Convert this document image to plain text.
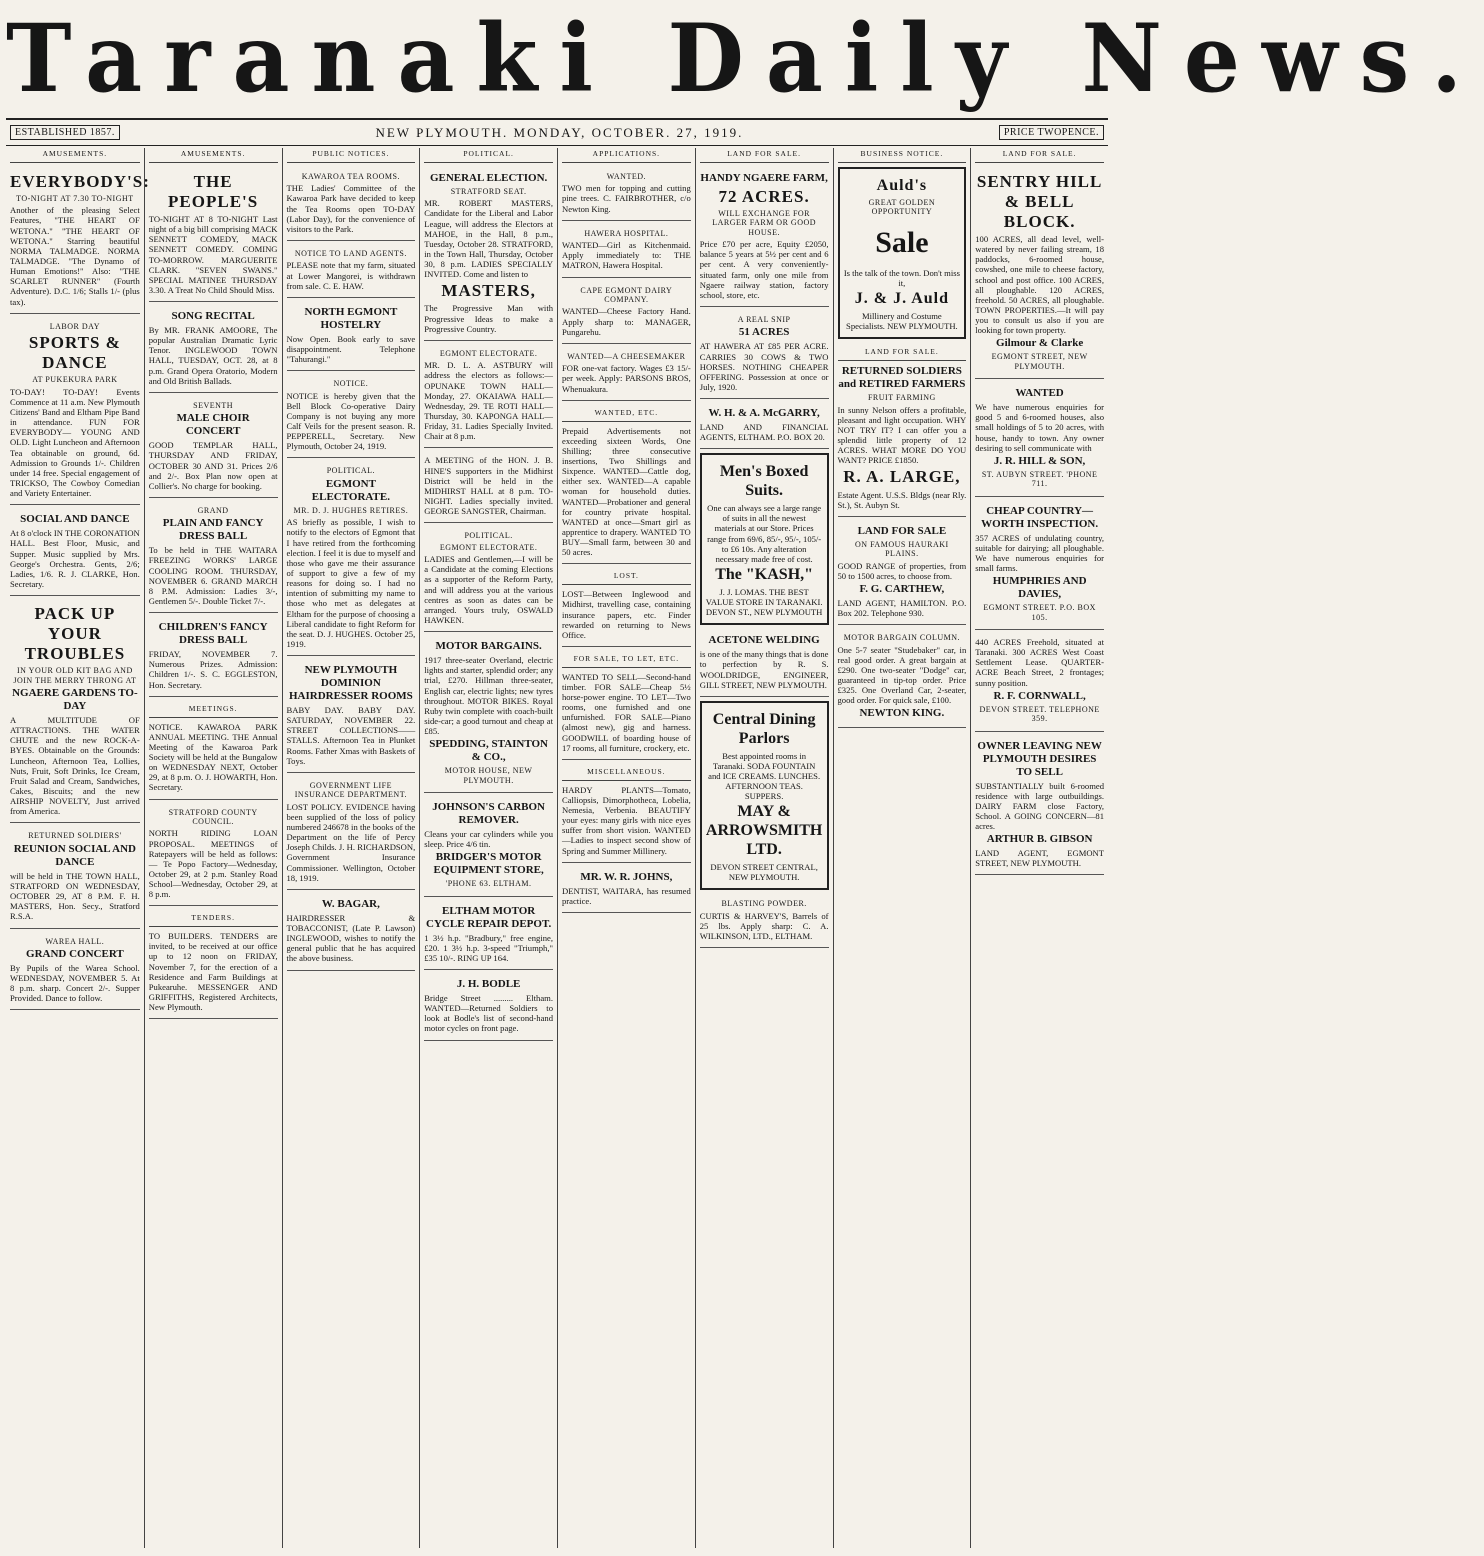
Taranaki Daily News.
ESTABLISHED 1857.	NEW PLYMOUTH. MONDAY, OCTOBER. 27, 1919.	PRICE TWOPENCE.
AMUSEMENTS.
EVERYBODY'S:
TO-NIGHT AT 7.30 TO-NIGHT

Another of the pleasing Select Features, "THE HEART OF WETONA." "THE HEART OF WETONA." Starring beautiful NORMA TALMADGE. NORMA TALMADGE. "The Dynamo of Human Emotions!" Also: "THE SCARLET RUNNER" (Fourth Adventure). D.C. 1/6; Stalls 1/- (plus tax).

LABOR DAY
SPORTS & DANCE
AT PUKEKURA PARK

TO-DAY! TO-DAY! Events Commence at 11 a.m. New Plymouth Citizens' Band and Eltham Pipe Band in attendance. FUN FOR EVERYBODY— YOUNG AND OLD. Light Luncheon and Afternoon Tea obtainable on ground, 6d. Admission to Grounds 1/-. Children under 14 free. Special engagement of TRICKSO, The Cowboy Comedian and Variety Entertainer.

SOCIAL AND DANCE

At 8 o'clock IN THE CORONATION HALL. Best Floor, Music, and Supper. Music supplied by Mrs. George's Orchestra. Gents, 2/6; Ladies, 1/6. R. J. CLARKE, Hon. Secretary.

PACK UP YOUR TROUBLES
IN YOUR OLD KIT BAG AND JOIN THE MERRY THRONG AT
NGAERE GARDENS TO-DAY

A MULTITUDE OF ATTRACTIONS. THE WATER CHUTE and the new ROCK-A-BYES. Obtainable on the Grounds: Luncheon, Afternoon Tea, Lollies, Nuts, Fruit, Soft Drinks, Ice Cream, Fruit Salad and Cream, Sandwiches, Cakes, Biscuits; and the new AIRSHIP NOVELTY, Just arrived from America.

RETURNED SOLDIERS'
REUNION SOCIAL AND DANCE

will be held in THE TOWN HALL, STRATFORD ON WEDNESDAY, OCTOBER 29, AT 8 P.M. F. H. MASTERS, Hon. Secy., Stratford R.S.A.

WAREA HALL.
GRAND CONCERT

By Pupils of the Warea School. WEDNESDAY, NOVEMBER 5. At 8 p.m. sharp. Concert 2/-. Supper Provided. Dance to follow.

AMUSEMENTS.
THE PEOPLE'S

TO-NIGHT AT 8 TO-NIGHT Last night of a big bill comprising MACK SENNETT COMEDY, MACK SENNETT COMEDY. COMING TO-MORROW. MARGUERITE CLARK. "SEVEN SWANS." SPECIAL MATINEE THURSDAY 3.30. A Treat No Child Should Miss.

SONG RECITAL

By MR. FRANK AMOORE, The popular Australian Dramatic Lyric Tenor. INGLEWOOD TOWN HALL, TUESDAY, OCT. 28, at 8 p.m. Grand Opera Oratorio, Modern and Old British Ballads.

SEVENTH
MALE CHOIR CONCERT

GOOD TEMPLAR HALL, THURSDAY AND FRIDAY, OCTOBER 30 AND 31. Prices 2/6 and 2/-. Box Plan now open at Collier's. No charge for booking.

GRAND
PLAIN AND FANCY DRESS BALL

To be held in THE WAITARA FREEZING WORKS' LARGE COOLING ROOM. THURSDAY, NOVEMBER 6. GRAND MARCH 8 P.M. Admission: Ladies 3/-, Gentlemen 5/-. Double Ticket 7/-.

CHILDREN'S FANCY DRESS BALL

FRIDAY, NOVEMBER 7. Numerous Prizes. Admission: Children 1/-. S. C. EGGLESTON, Hon. Secretary.

MEETINGS.

NOTICE. KAWAROA PARK ANNUAL MEETING. THE Annual Meeting of the Kawaroa Park Society will be held at the Bungalow on WEDNESDAY NEXT, October 29, at 8 p.m. O. J. HOWARTH, Hon. Secretary.

STRATFORD COUNTY COUNCIL.

NORTH RIDING LOAN PROPOSAL. MEETINGS of Ratepayers will be held as follows:— Te Popo Factory—Wednesday, October 29, at 2 p.m. Stanley Road School—Wednesday, October 29, at 8 p.m.

TENDERS.

TO BUILDERS. TENDERS are invited, to be received at our office up to 12 noon on FRIDAY, November 7, for the erection of a Residence and Farm Buildings at Pukearuhe. MESSENGER AND GRIFFITHS, Registered Architects, New Plymouth.

PUBLIC NOTICES.
KAWAROA TEA ROOMS.

THE Ladies' Committee of the Kawaroa Park have decided to keep the Tea Rooms open TO-DAY (Labor Day), for the convenience of visitors to the Park.

NOTICE TO LAND AGENTS.

PLEASE note that my farm, situated at Lower Mangorei, is withdrawn from sale. C. E. HAW.

NORTH EGMONT HOSTELRY

Now Open. Book early to save disappointment. Telephone "Tahurangi."

NOTICE.

NOTICE is hereby given that the Bell Block Co-operative Dairy Company is not buying any more Calf Veils for the present season. R. PEPPERELL, Secretary. New Plymouth, October 24, 1919.

POLITICAL.
EGMONT ELECTORATE.
MR. D. J. HUGHES RETIRES.

AS briefly as possible, I wish to notify to the electors of Egmont that I have retired from the forthcoming election. I feel it is due to myself and those who gave me their assurance of support to give a few of my reasons for doing so. I had no intention of submitting my name to those who met as delegates at Eltham for the purpose of choosing a Liberal candidate to fight Reform for the seat. D. J. HUGHES. October 25, 1919.

NEW PLYMOUTH DOMINION HAIRDRESSER ROOMS

BABY DAY. BABY DAY. SATURDAY, NOVEMBER 22. STREET COLLECTIONS——STALLS. Afternoon Tea in Plunket Rooms. Father Xmas with Baskets of Toys.

GOVERNMENT LIFE INSURANCE DEPARTMENT.

LOST POLICY. EVIDENCE having been supplied of the loss of policy numbered 246678 in the books of the Department on the life of Percy Joseph Childs. J. H. RICHARDSON, Government Insurance Commissioner. Wellington, October 18, 1919.

W. BAGAR,

HAIRDRESSER & TOBACCONIST, (Late P. Lawson) INGLEWOOD, wishes to notify the general public that he has acquired the above business.

POLITICAL.
GENERAL ELECTION.
STRATFORD SEAT.

MR. ROBERT MASTERS, Candidate for the Liberal and Labor League, will address the Electors at MAHOE, in the Hall, 8 p.m., Tuesday, October 28. STRATFORD, in the Town Hall, Thursday, October 30, 8 p.m. LADIES SPECIALLY INVITED. Come and listen to

MASTERS,

The Progressive Man with Progressive Ideas to make a Progressive Country.

EGMONT ELECTORATE.

MR. D. L. A. ASTBURY will address the electors as follows:— OPUNAKE TOWN HALL—Monday, 27. OKAIAWA HALL—Wednesday, 29. TE ROTI HALL—Thursday, 30. KAPONGA HALL—Friday, 31. Ladies Specially Invited. Chair at 8 p.m.

A MEETING of the HON. J. B. HINE'S supporters in the Midhirst District will be held in the MIDHIRST HALL at 8 p.m. TO-NIGHT. Ladies specially invited. GEORGE SANGSTER, Chairman.

POLITICAL.
EGMONT ELECTORATE.

LADIES and Gentlemen,—I will be a Candidate at the coming Elections as a supporter of the Reform Party, and will address you at the various centres as soon as dates can be arranged. Yours truly, OSWALD HAWKEN.

MOTOR BARGAINS.

1917 three-seater Overland, electric lights and starter, splendid order; any trial, £270. Hillman three-seater, English car, electric lights; new tyres throughout. MOTOR BIKES. Royal Ruby twin complete with coach-built side-car; a good turnout and cheap at £85.

SPEDDING, STAINTON & CO.,
MOTOR HOUSE, NEW PLYMOUTH.
JOHNSON'S CARBON REMOVER.

Cleans your car cylinders while you sleep. Price 4/6 tin.

BRIDGER'S MOTOR EQUIPMENT STORE,
'PHONE 63. ELTHAM.
ELTHAM MOTOR CYCLE REPAIR DEPOT.

1 3½ h.p. "Bradbury," free engine, £20. 1 3½ h.p. 3-speed "Triumph," £35 10/-. RING UP 164.

J. H. BODLE

Bridge Street ......... Eltham. WANTED—Returned Soldiers to look at Bodle's list of second-hand motor cycles on front page.

APPLICATIONS.
WANTED.

TWO men for topping and cutting pine trees. C. FAIRBROTHER, c/o Newton King.

HAWERA HOSPITAL.

WANTED—Girl as Kitchenmaid. Apply immediately to: THE MATRON, Hawera Hospital.

CAPE EGMONT DAIRY COMPANY.

WANTED—Cheese Factory Hand. Apply sharp to: MANAGER, Pungarehu.

WANTED—A CHEESEMAKER

FOR one-vat factory. Wages £3 15/- per week. Apply: PARSONS BROS, Whenuakura.

WANTED, ETC.

Prepaid Advertisements not exceeding sixteen Words, One Shilling; three consecutive insertions, Two Shillings and Sixpence. WANTED—Cattle dog, either sex. WANTED—A capable woman for household duties. WANTED—Probationer and general for country private hospital. WANTED at once—Smart girl as apprentice to drapery. WANTED TO BUY—Small farm, between 30 and 50 acres.

LOST.

LOST—Between Inglewood and Midhirst, travelling case, containing insurance papers, etc. Finder rewarded on returning to News Office.

FOR SALE, TO LET, ETC.

WANTED TO SELL—Second-hand timber. FOR SALE—Cheap 5½ horse-power engine. TO LET—Two rooms, one furnished and one unfurnished. FOR SALE—Piano (almost new), gig and harness. GOODWILL of boarding house of 17 rooms, all furniture, crockery, etc.

MISCELLANEOUS.

HARDY PLANTS—Tomato, Calliopsis, Dimorphotheca, Lobelia, Nemesia, Verbenia. BEAUTIFY your eyes: many girls with nice eyes suffer from short vision. WANTED—Ladies to inspect second show of Spring and Summer Millinery.

MR. W. R. JOHNS,

DENTIST, WAITARA, has resumed practice.

LAND FOR SALE.
HANDY NGAERE FARM,
72 ACRES.
WILL EXCHANGE FOR LARGER FARM OR GOOD HOUSE.

Price £70 per acre, Equity £2050, balance 5 years at 5½ per cent and 6 per cent. A very conveniently-situated farm, only one mile from Ngaere railway station, factory school, store, etc.

A REAL SNIP
51 ACRES

AT HAWERA AT £85 PER ACRE. CARRIES 30 COWS & TWO HORSES. NOTHING CHEAPER OFFERING. Possession at once or July, 1920.

W. H. & A. McGARRY,

LAND AND FINANCIAL AGENTS, ELTHAM. P.O. BOX 20.

Men's Boxed Suits.

One can always see a large range of suits in all the newest materials at our Store. Prices range from 69/6, 85/-, 95/-, 105/- to £6 10s. Any alteration necessary made free of cost.

The "KASH,"

J. J. LOMAS. THE BEST VALUE STORE IN TARANAKI. DEVON ST., NEW PLYMOUTH

ACETONE WELDING

is one of the many things that is done to perfection by R. S. WOOLDRIDGE, ENGINEER, GILL STREET, NEW PLYMOUTH.

Central Dining Parlors

Best appointed rooms in Taranaki. SODA FOUNTAIN and ICE CREAMS. LUNCHES. AFTERNOON TEAS. SUPPERS.

MAY & ARROWSMITH LTD.

DEVON STREET CENTRAL, NEW PLYMOUTH.

BLASTING POWDER.

CURTIS & HARVEY'S, Barrels of 25 lbs. Apply sharp: C. A. WILKINSON, LTD., ELTHAM.

BUSINESS NOTICE.
Auld's
GREAT GOLDEN OPPORTUNITY
Sale

Is the talk of the town. Don't miss it,

J. & J. Auld

Millinery and Costume Specialists. NEW PLYMOUTH.

LAND FOR SALE.
RETURNED SOLDIERS and RETIRED FARMERS
FRUIT FARMING

In sunny Nelson offers a profitable, pleasant and light occupation. WHY NOT TRY IT? I can offer you a splendid little property of 12 ACRES. WHAT MORE DO YOU WANT? PRICE £1850.

R. A. LARGE,

Estate Agent. U.S.S. Bldgs (near Rly. St.), St. Aubyn St.

LAND FOR SALE
ON FAMOUS HAURAKI PLAINS.

GOOD RANGE of properties, from 50 to 1500 acres, to choose from.

F. G. CARTHEW,

LAND AGENT, HAMILTON. P.O. Box 202. Telephone 930.

MOTOR BARGAIN COLUMN.

One 5-7 seater "Studebaker" car, in real good order. A great bargain at £290. One two-seater "Dodge" car, guaranteed in tip-top order. Price £325. One Overland Car, 2-seater, good order. For quick sale, £100.

NEWTON KING.
LAND FOR SALE.
SENTRY HILL & BELL BLOCK.

100 ACRES, all dead level, well-watered by never failing stream, 18 paddocks, 6-roomed house, cowshed, one mile to cheese factory, school and post office. 100 ACRES, all ploughable. 120 ACRES, freehold. 50 ACRES, all ploughable. TOWN PROPERTIES.—It will pay you to consult us also if you are looking for town property.

Gilmour & Clarke
EGMONT STREET, NEW PLYMOUTH.
WANTED

We have numerous enquiries for good 5 and 6-roomed houses, also small holdings of 5 to 20 acres, with house, handy to town. Any owner desiring to sell communicate with

J. R. HILL & SON,
ST. AUBYN STREET. 'PHONE 711.
CHEAP COUNTRY—WORTH INSPECTION.

357 ACRES of undulating country, suitable for dairying; all ploughable. We have numerous enquiries for small farms.

HUMPHRIES AND DAVIES,
EGMONT STREET. P.O. BOX 105.

440 ACRES Freehold, situated at Taranaki. 300 ACRES West Coast Settlement Lease. QUARTER-ACRE Beach Street, 2 frontages; sunny position.

R. F. CORNWALL,
DEVON STREET. TELEPHONE 359.
OWNER LEAVING NEW PLYMOUTH DESIRES TO SELL

SUBSTANTIALLY built 6-roomed residence with large outbuildings. DAIRY FARM close Factory, School. A GOING CONCERN—81 acres.

ARTHUR B. GIBSON

LAND AGENT, EGMONT STREET, NEW PLYMOUTH.
